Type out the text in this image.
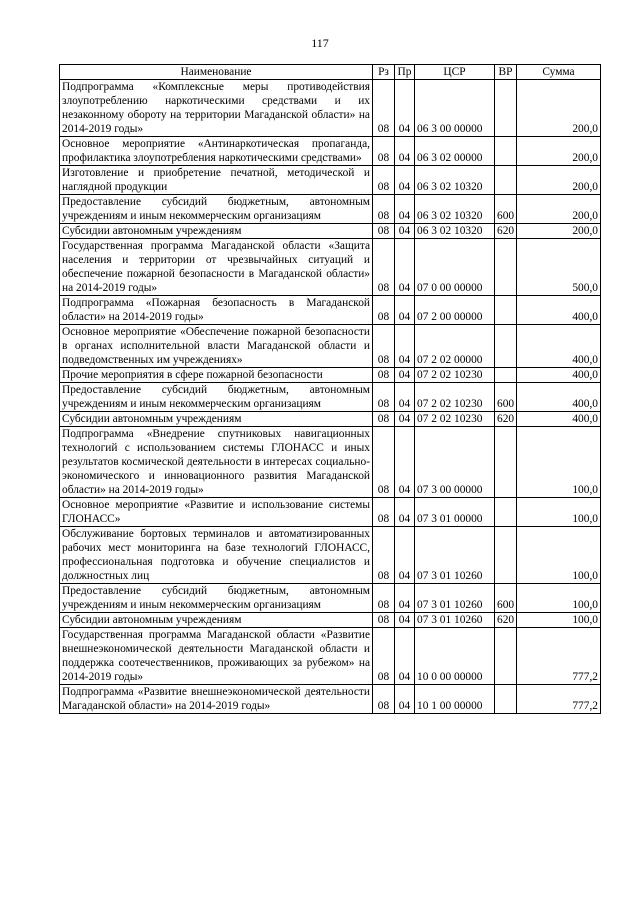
117
Наименование	Рз	Пр	ЦСР	ВР	Сумма
Подпрограмма «Комплексные меры противодействия злоупотреблению наркотическими средствами и их незаконному обороту на территории Магаданской области» на 2014-2019 годы»	08	04	06 3 00 00000		200,0
Основное мероприятие «Антинаркотическая пропаганда, профилактика злоупотребления наркотическими средствами»	08	04	06 3 02 00000		200,0
Изготовление и приобретение печатной, методической и наглядной продукции	08	04	06 3 02 10320		200,0
Предоставление субсидий бюджетным, автономным учреждениям и иным некоммерческим организациям	08	04	06 3 02 10320	600	200,0
Субсидии автономным учреждениям	08	04	06 3 02 10320	620	200,0
Государственная программа Магаданской области «Защита населения и территории от чрезвычайных ситуаций и обеспечение пожарной безопасности в Магаданской области» на 2014-2019 годы»	08	04	07 0 00 00000		500,0
Подпрограмма «Пожарная безопасность в Магаданской области» на 2014-2019 годы»	08	04	07 2 00 00000		400,0
Основное мероприятие «Обеспечение пожарной безопасности в органах исполнительной власти Магаданской области и подведомственных им учреждениях»	08	04	07 2 02 00000		400,0
Прочие мероприятия в сфере пожарной безопасности	08	04	07 2 02 10230		400,0
Предоставление субсидий бюджетным, автономным учреждениям и иным некоммерческим организациям	08	04	07 2 02 10230	600	400,0
Субсидии автономным учреждениям	08	04	07 2 02 10230	620	400,0
Подпрограмма «Внедрение спутниковых навигационных технологий с использованием системы ГЛОНАСС и иных результатов космической деятельности в интересах социально-экономического и инновационного развития Магаданской области» на 2014-2019 годы»	08	04	07 3 00 00000		100,0
Основное мероприятие «Развитие и использование системы ГЛОНАСС»	08	04	07 3 01 00000		100,0
Обслуживание бортовых терминалов и автоматизированных рабочих мест мониторинга на базе технологий ГЛОНАСС, профессиональная подготовка и обучение специалистов и должностных лиц	08	04	07 3 01 10260		100,0
Предоставление субсидий бюджетным, автономным учреждениям и иным некоммерческим организациям	08	04	07 3 01 10260	600	100,0
Субсидии автономным учреждениям	08	04	07 3 01 10260	620	100,0
Государственная программа Магаданской области «Развитие внешнеэкономической деятельности Магаданской области и поддержка соотечественников, проживающих за рубежом» на 2014-2019 годы»	08	04	10 0 00 00000		777,2
Подпрограмма «Развитие внешнеэкономической деятельности Магаданской области» на 2014-2019 годы»	08	04	10 1 00 00000		777,2
